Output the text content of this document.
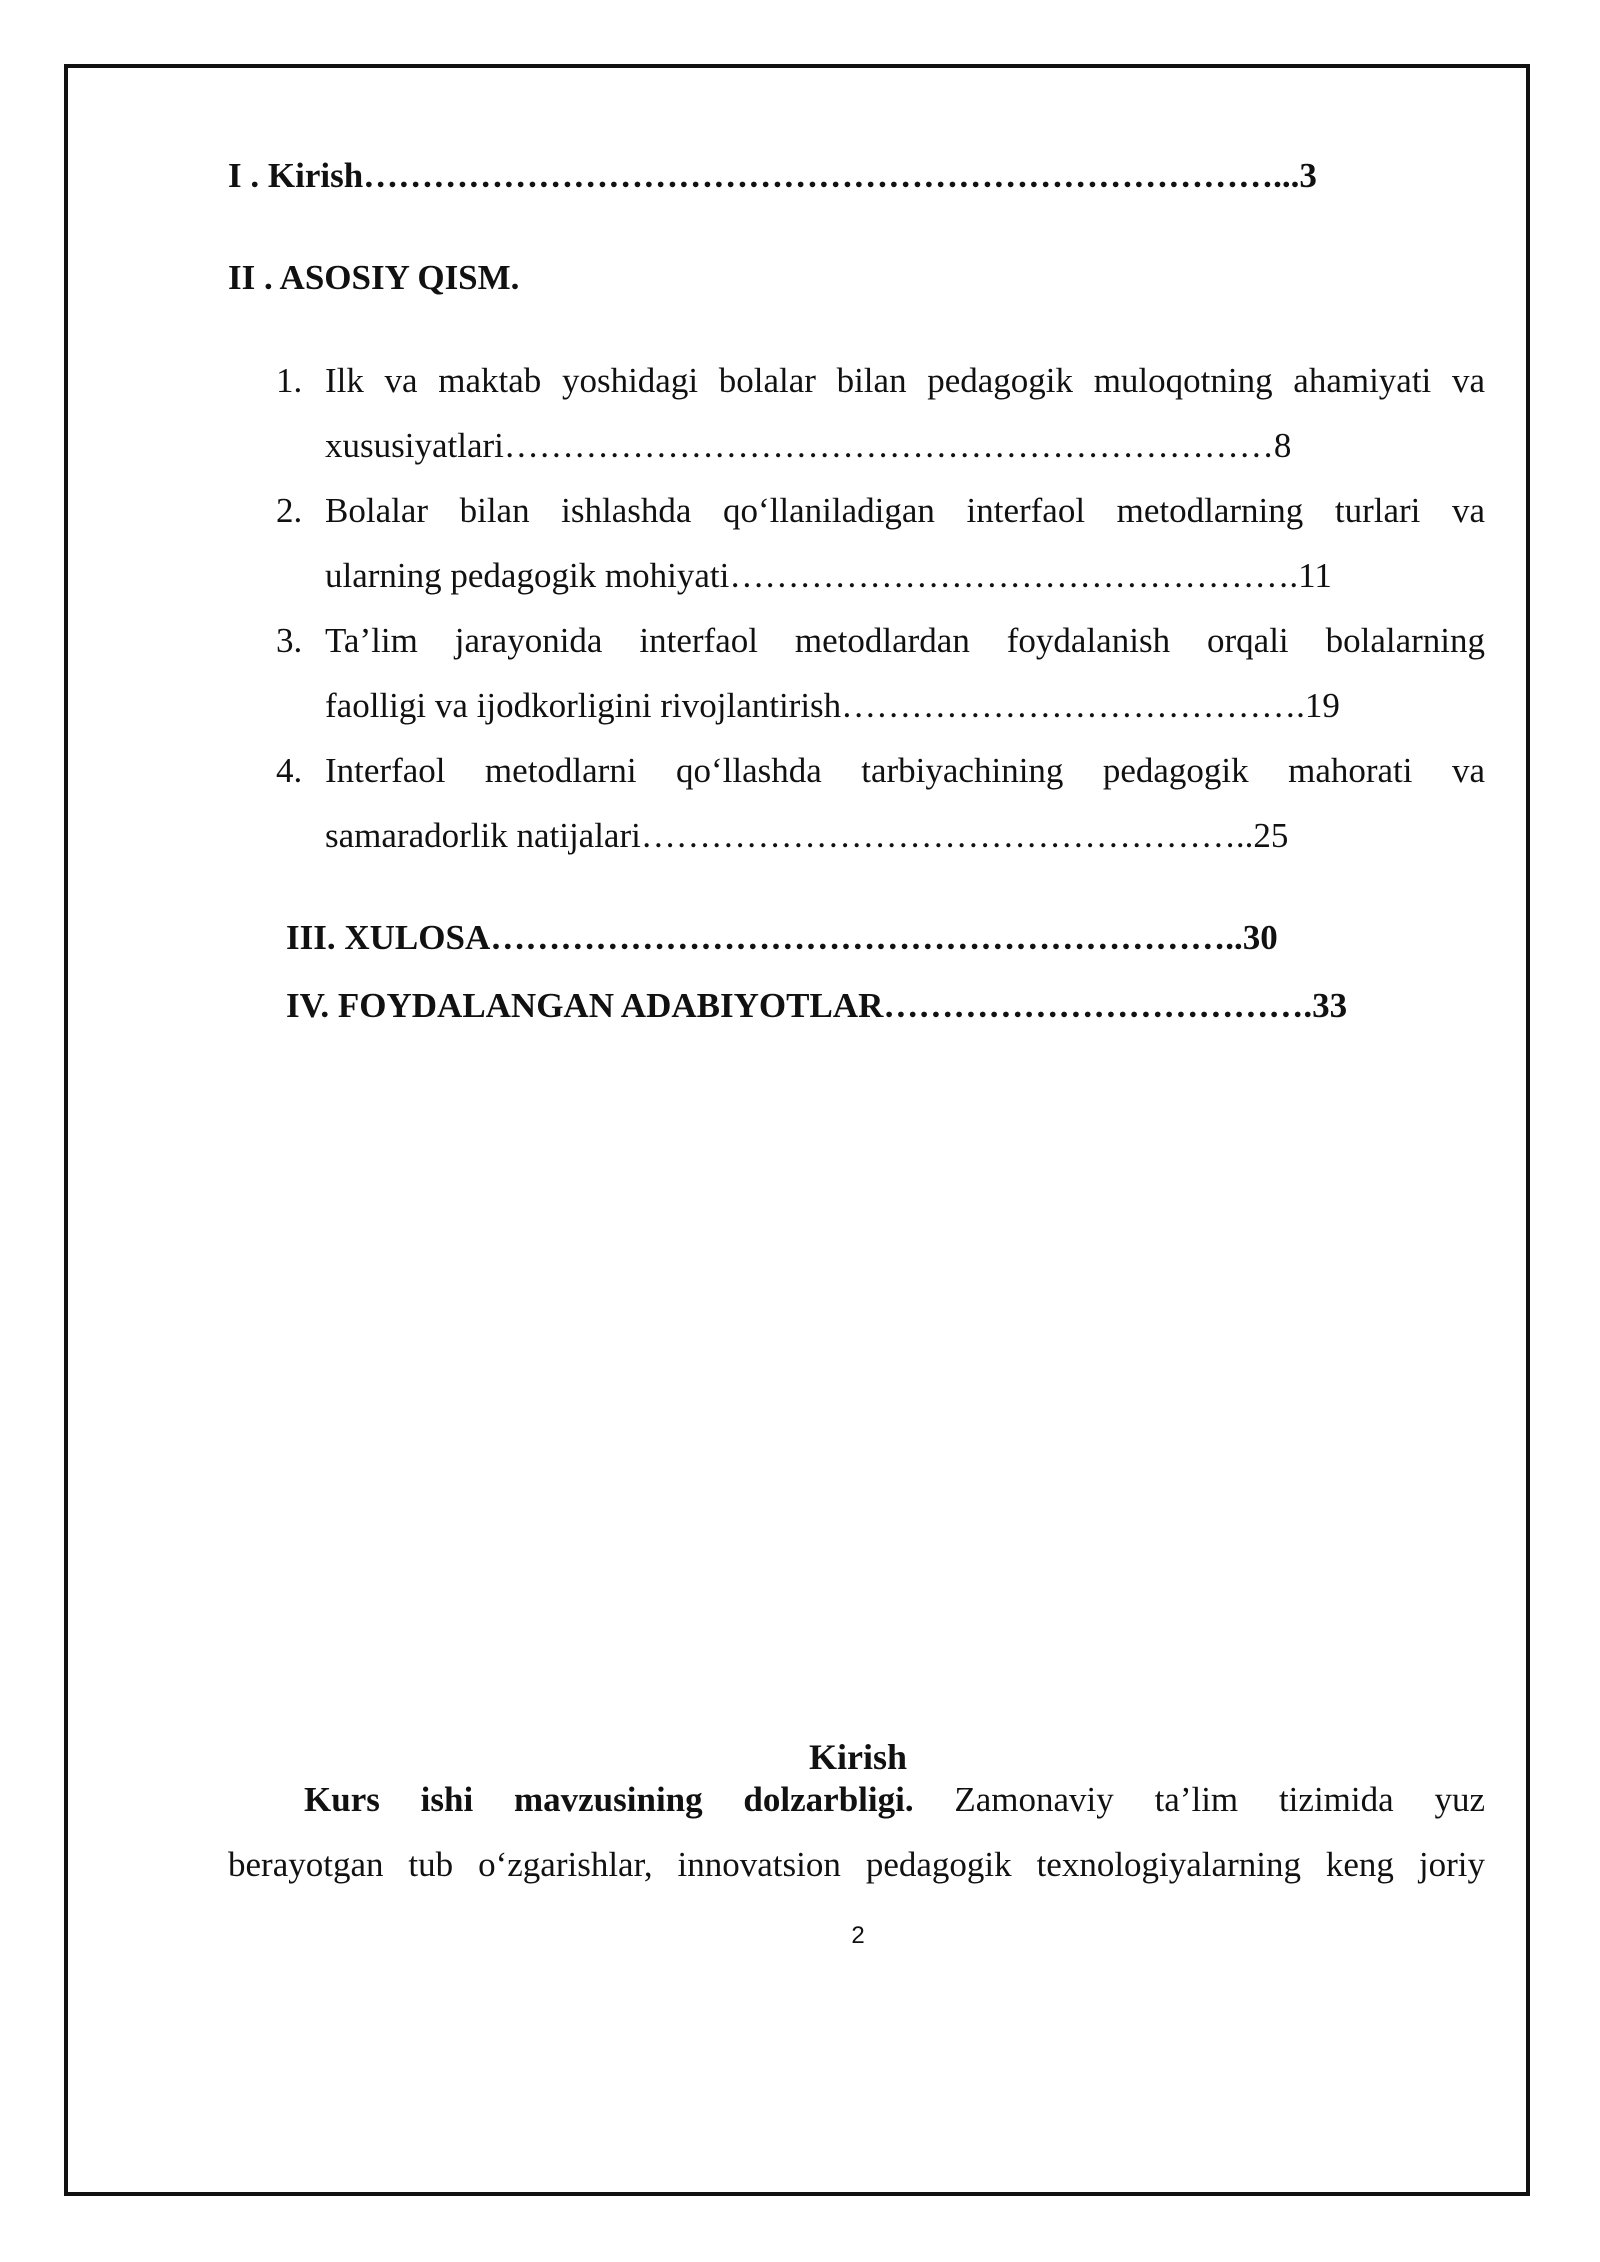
I . Kirish……………………………………………………………………...3
II . ASOSIY QISM.
1. Ilk va maktab yoshidagi bolalar bilan pedagogik muloqotning ahamiyati va
xususiyatlari…………………………………………………………8
2. Bolalar bilan ishlashda qo‘llaniladigan interfaol metodlarning turlari va
ularning pedagogik mohiyati………………………………………….11
3. Ta’lim jarayonida interfaol metodlardan foydalanish orqali bolalarning
faolligi va ijodkorligini rivojlantirish………………………………….19
4. Interfaol metodlarni qo‘llashda tarbiyachining pedagogik mahorati va
samaradorlik natijalari……………………………………………..25
III. XULOSA………………………………………………………..30
IV. FOYDALANGAN ADABIYOTLAR……………………………….33
Kirish
Kurs ishi mavzusining dolzarbligi. Zamonaviy ta’lim tizimida yuz
berayotgan tub o‘zgarishlar, innovatsion pedagogik texnologiyalarning keng joriy
2
